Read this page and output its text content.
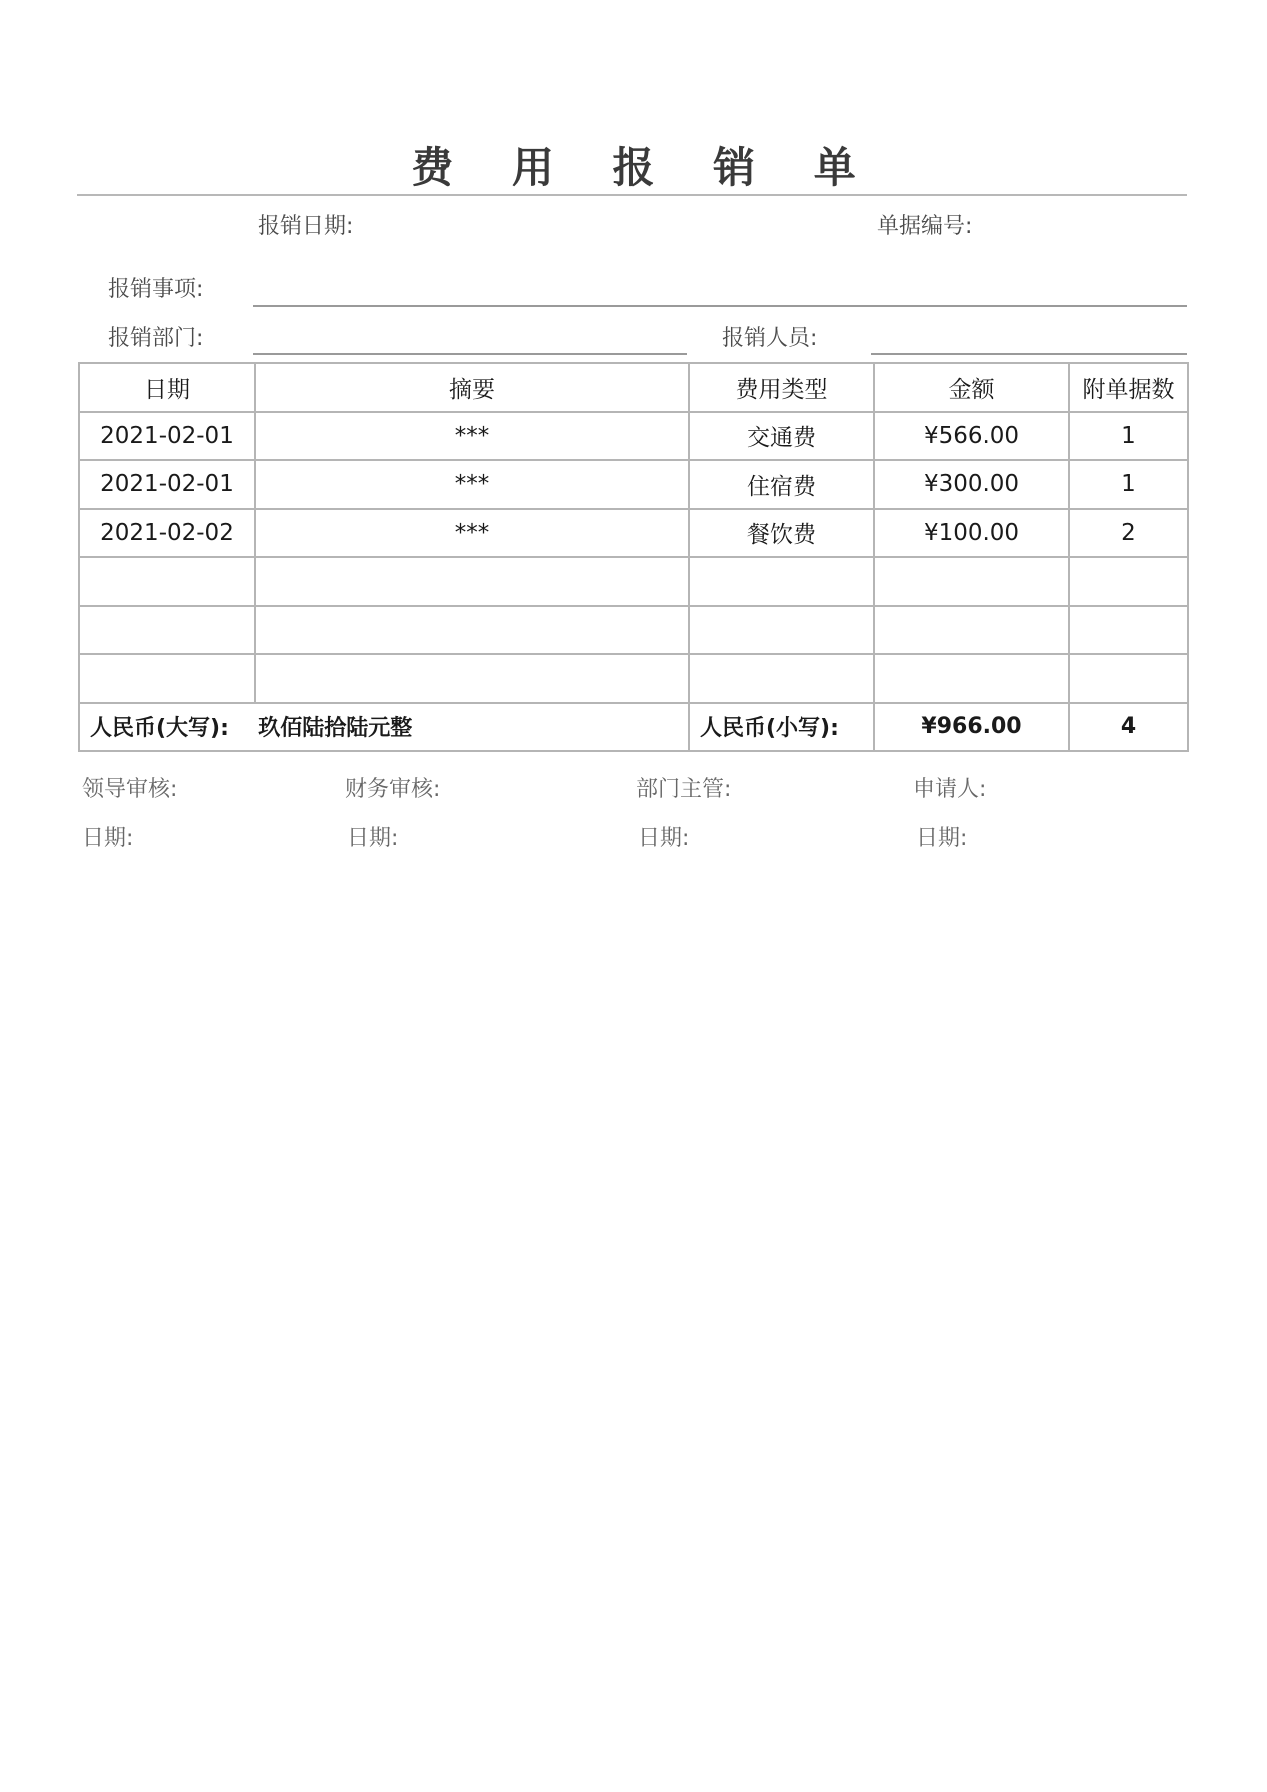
费 用 报 销 单
报销日期:	单据编号:
报销事项:
报销部门:	报销人员:
日期	摘要	费用类型	金额	附单据数
2021-02-01	***	交通费	¥566.00	1
2021-02-01	***	住宿费	¥300.00	1
2021-02-02	***	餐饮费	¥100.00	2

人民币(大写): 玖佰陆拾陆元整		人民币(小写):	¥966.00	4
领导审核:	财务审核:	部门主管:	申请人:
日期:	日期:	日期:	日期:
